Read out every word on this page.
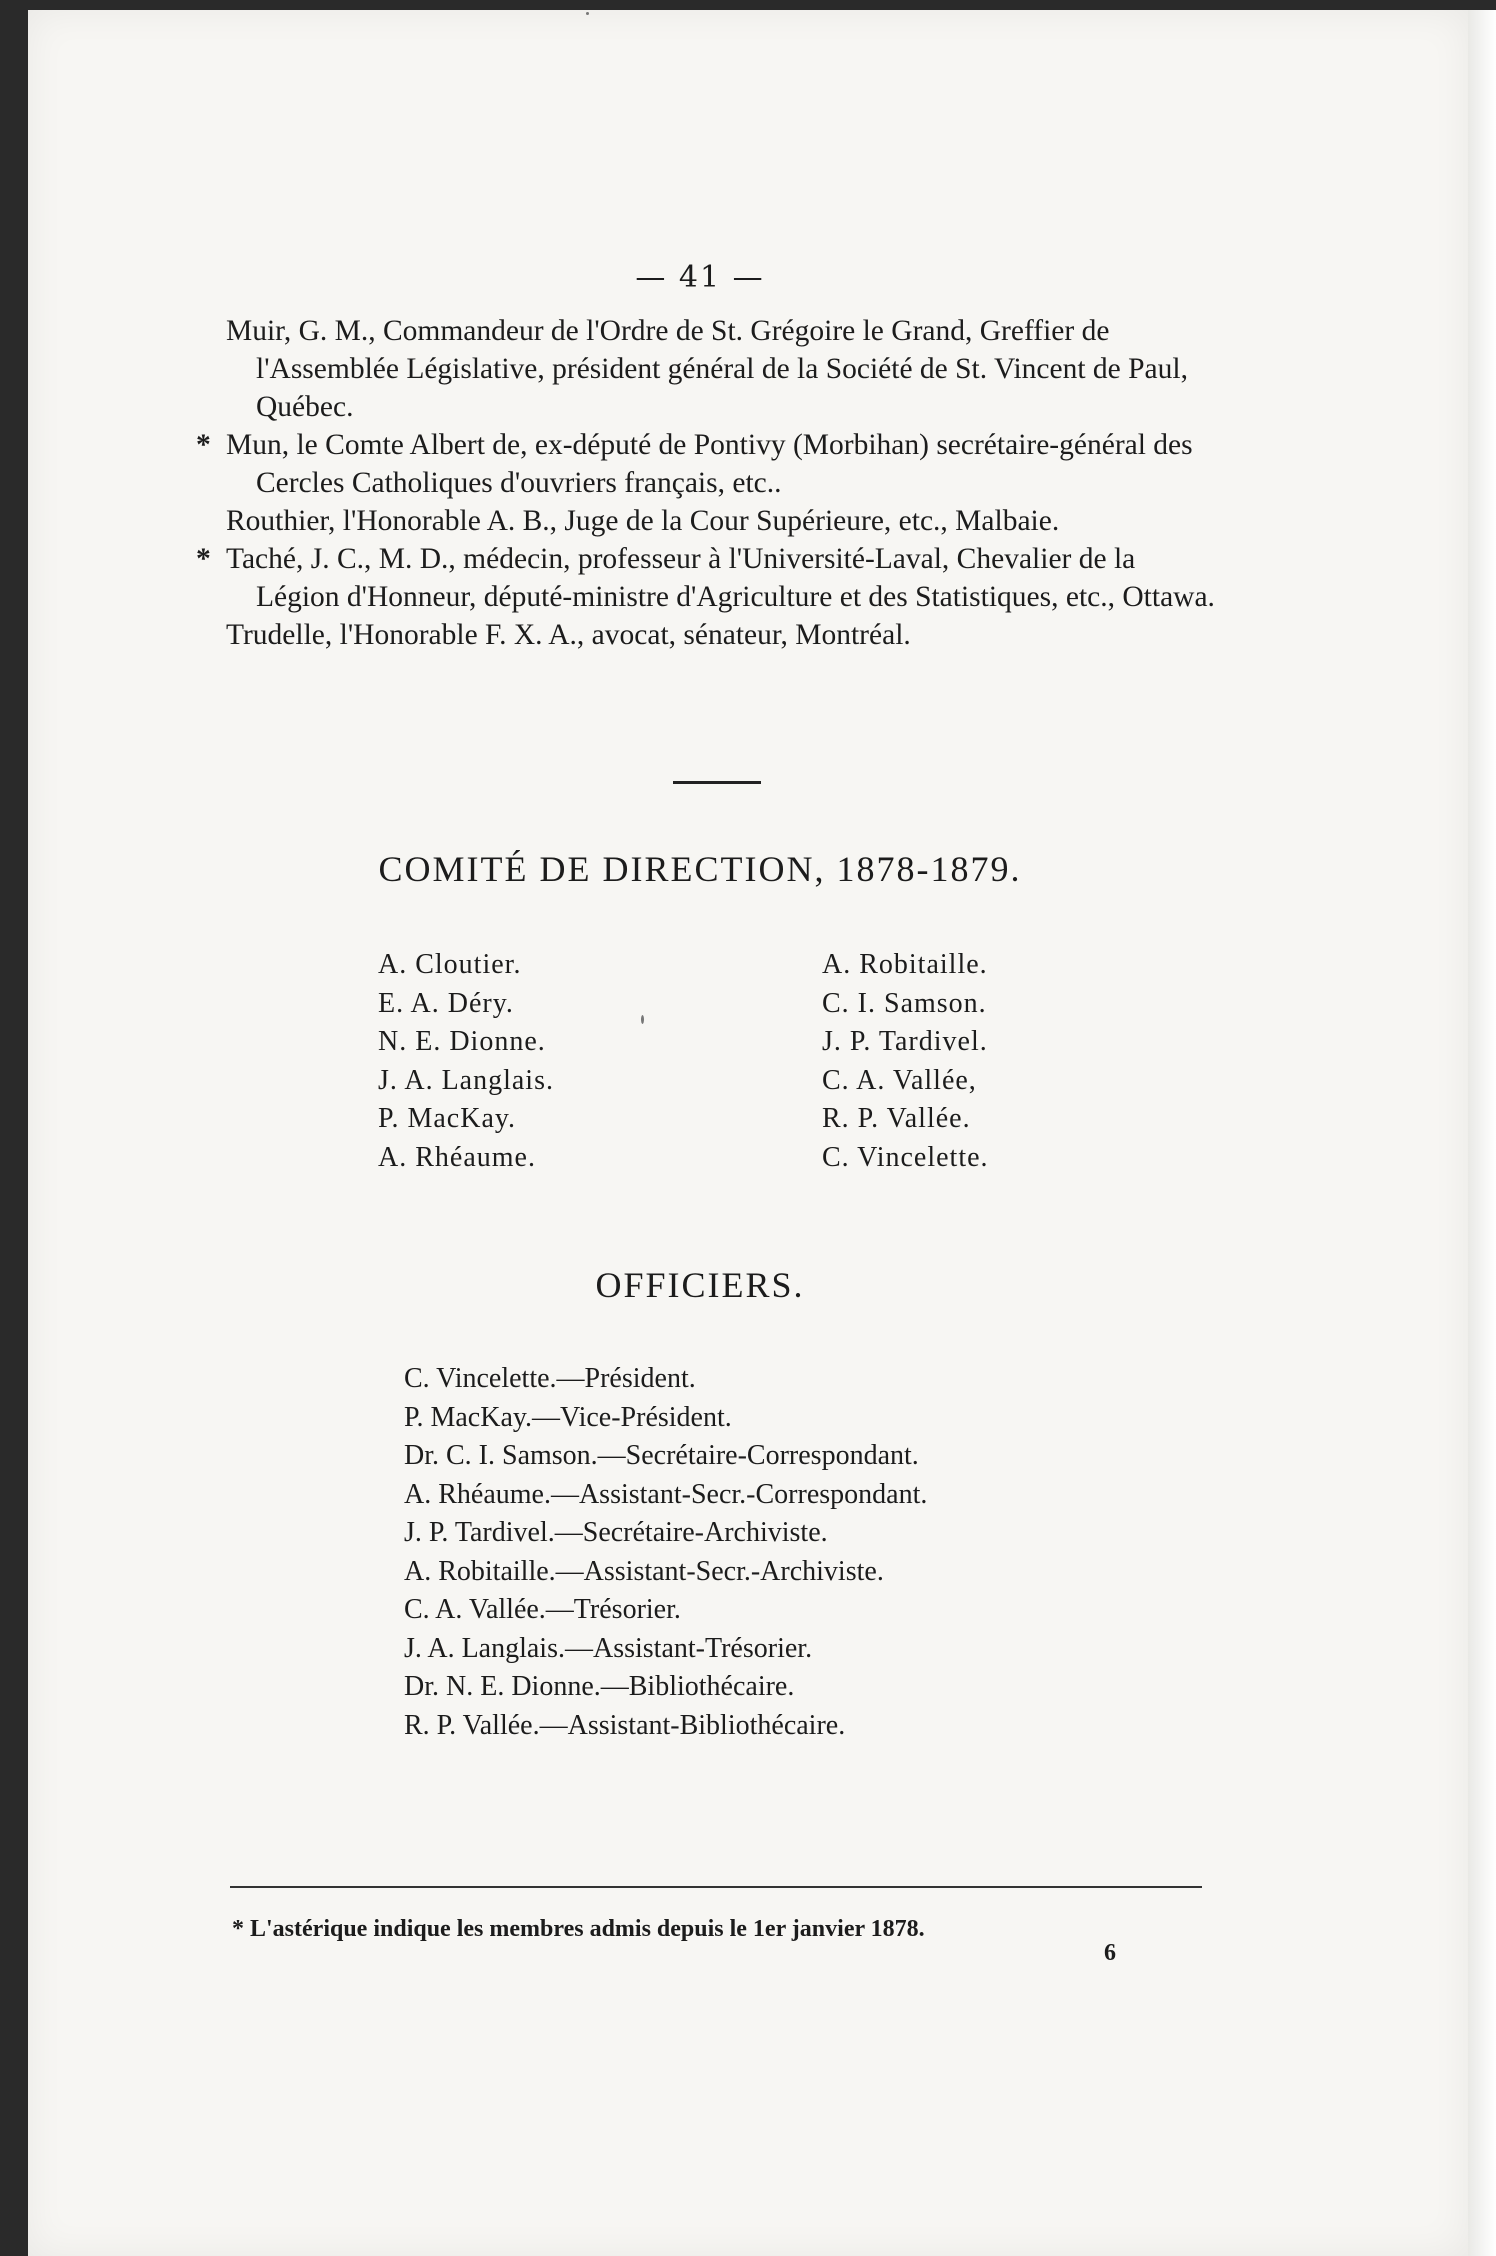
— 41 —
Muir, G. M., Commandeur de l'Ordre de St. Grégoire le Grand, Greffier de l'Assemblée Législative, président général de la Société de St. Vincent de Paul, Québec.
* Mun, le Comte Albert de, ex-député de Pontivy (Morbihan) secrétaire-général des Cercles Catholiques d'ouvriers français, etc..
Routhier, l'Honorable A. B., Juge de la Cour Supérieure, etc., Malbaie.
* Taché, J. C., M. D., médecin, professeur à l'Université-Laval, Chevalier de la Légion d'Honneur, député-ministre d'Agriculture et des Statistiques, etc., Ottawa.
Trudelle, l'Honorable F. X. A., avocat, sénateur, Montréal.
COMITÉ DE DIRECTION, 1878-1879.
A. Cloutier.
E. A. Déry.
N. E. Dionne.
J. A. Langlais.
P. MacKay.
A. Rhéaume.
A. Robitaille.
C. I. Samson.
J. P. Tardivel.
C. A. Vallée,
R. P. Vallée.
C. Vincelette.
OFFICIERS.
C. Vincelette.—Président.
P. MacKay.—Vice-Président.
Dr. C. I. Samson.—Secrétaire-Correspondant.
A. Rhéaume.—Assistant-Secr.-Correspondant.
J. P. Tardivel.—Secrétaire-Archiviste.
A. Robitaille.—Assistant-Secr.-Archiviste.
C. A. Vallée.—Trésorier.
J. A. Langlais.—Assistant-Trésorier.
Dr. N. E. Dionne.—Bibliothécaire.
R. P. Vallée.—Assistant-Bibliothécaire.

* L'astérique indique les membres admis depuis le 1er janvier 1878.

6
